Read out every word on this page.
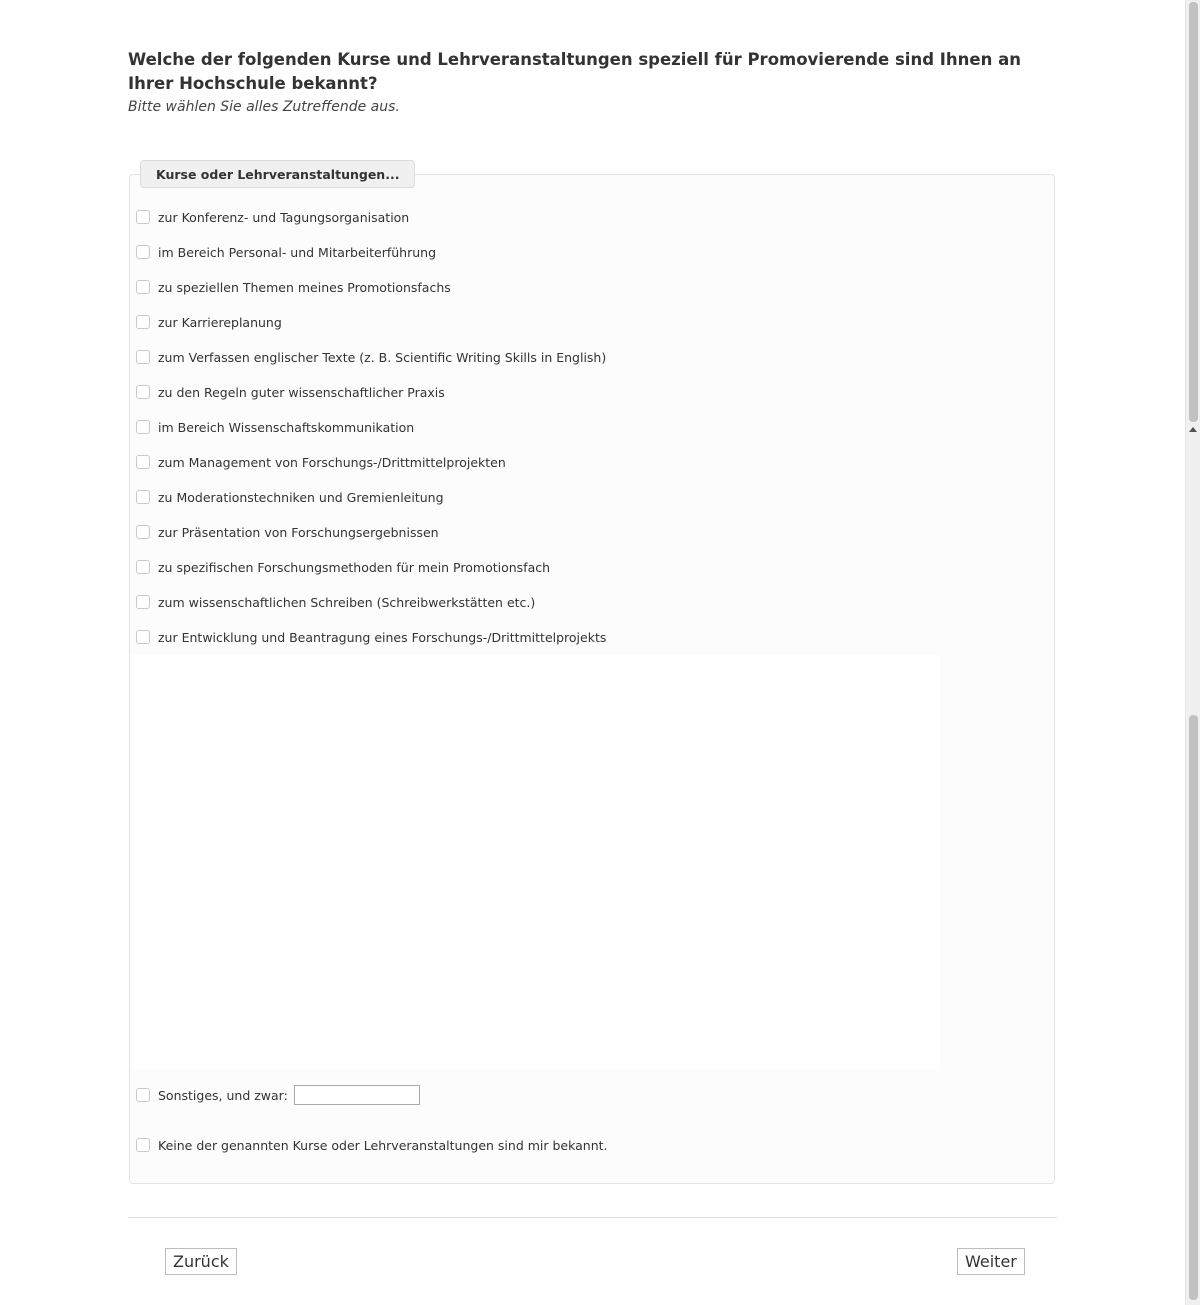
Welche der folgenden Kurse und Lehrveranstaltungen speziell für Promovierende sind Ihnen an Ihrer Hochschule bekannt?

Bitte wählen Sie alles Zutreffende aus.
Kurse oder Lehrveranstaltungen...
zur Konferenz- und Tagungsorganisation
im Bereich Personal- und Mitarbeiterführung
zu speziellen Themen meines Promotionsfachs
zur Karriereplanung
zum Verfassen englischer Texte (z. B. Scientific Writing Skills in English)
zu den Regeln guter wissenschaftlicher Praxis
im Bereich Wissenschaftskommunikation
zum Management von Forschungs-/Drittmittelprojekten
zu Moderationstechniken und Gremienleitung
zur Präsentation von Forschungsergebnissen
zu spezifischen Forschungsmethoden für mein Promotionsfach
zum wissenschaftlichen Schreiben (Schreibwerkstätten etc.)
zur Entwicklung und Beantragung eines Forschungs-/Drittmittelprojekts
Sonstiges, und zwar:
Keine der genannten Kurse oder Lehrveranstaltungen sind mir bekannt.
Zurück	Weiter
